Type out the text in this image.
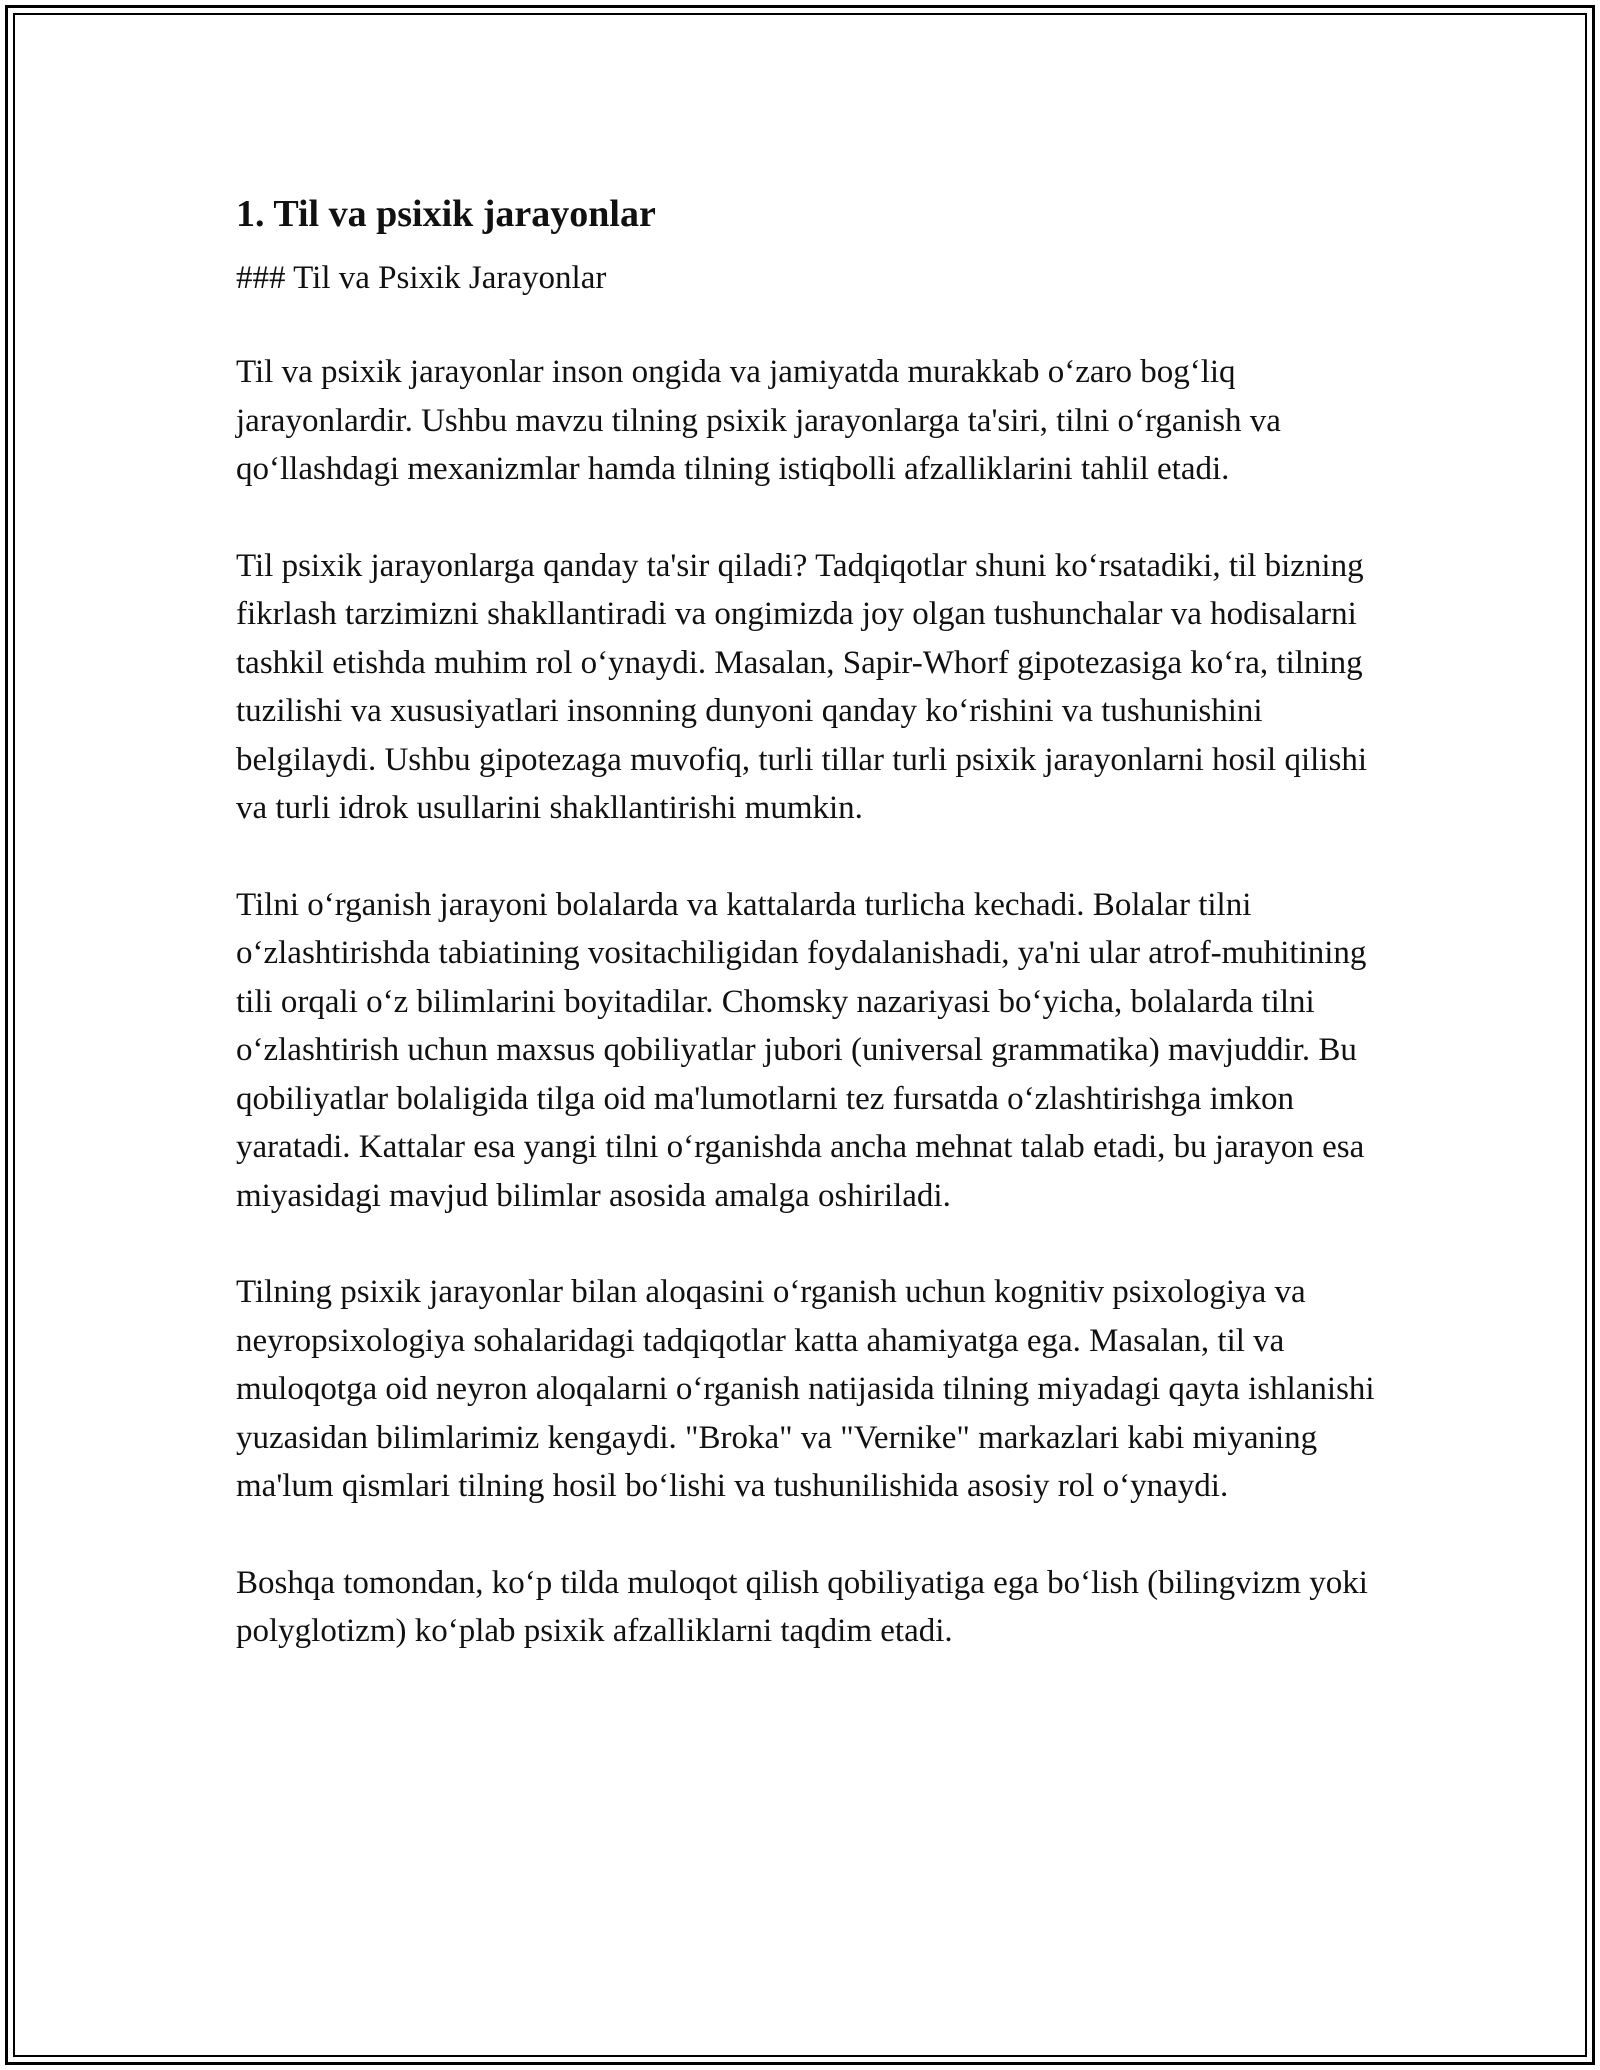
1. Til va psixik jarayonlar

### Til va Psixik Jarayonlar

Til va psixik jarayonlar inson ongida va jamiyatda murakkab o‘zaro bog‘liq jarayonlardir. Ushbu mavzu tilning psixik jarayonlarga ta'siri, tilni o‘rganish va qo‘llashdagi mexanizmlar hamda tilning istiqbolli afzalliklarini tahlil etadi.

Til psixik jarayonlarga qanday ta'sir qiladi? Tadqiqotlar shuni ko‘rsatadiki, til bizning fikrlash tarzimizni shakllantiradi va ongimizda joy olgan tushunchalar va hodisalarni tashkil etishda muhim rol o‘ynaydi. Masalan, Sapir-Whorf gipotezasiga ko‘ra, tilning tuzilishi va xususiyatlari insonning dunyoni qanday ko‘rishini va tushunishini belgilaydi. Ushbu gipotezaga muvofiq, turli tillar turli psixik jarayonlarni hosil qilishi va turli idrok usullarini shakllantirishi mumkin.

Tilni o‘rganish jarayoni bolalarda va kattalarda turlicha kechadi. Bolalar tilni o‘zlashtirishda tabiatining vositachiligidan foydalanishadi, ya'ni ular atrof-muhitining tili orqali o‘z bilimlarini boyitadilar. Chomsky nazariyasi bo‘yicha, bolalarda tilni o‘zlashtirish uchun maxsus qobiliyatlar jubori (universal grammatika) mavjuddir. Bu qobiliyatlar bolaligida tilga oid ma'lumotlarni tez fursatda o‘zlashtirishga imkon yaratadi. Kattalar esa yangi tilni o‘rganishda ancha mehnat talab etadi, bu jarayon esa miyasidagi mavjud bilimlar asosida amalga oshiriladi.

Tilning psixik jarayonlar bilan aloqasini o‘rganish uchun kognitiv psixologiya va neyropsixologiya sohalaridagi tadqiqotlar katta ahamiyatga ega. Masalan, til va muloqotga oid neyron aloqalarni o‘rganish natijasida tilning miyadagi qayta ishlanishi yuzasidan bilimlarimiz kengaydi. "Broka" va "Vernike" markazlari kabi miyaning ma'lum qismlari tilning hosil bo‘lishi va tushunilishida asosiy rol o‘ynaydi.

Boshqa tomondan, ko‘p tilda muloqot qilish qobiliyatiga ega bo‘lish (bilingvizm yoki polyglotizm) ko‘plab psixik afzalliklarni taqdim etadi.
